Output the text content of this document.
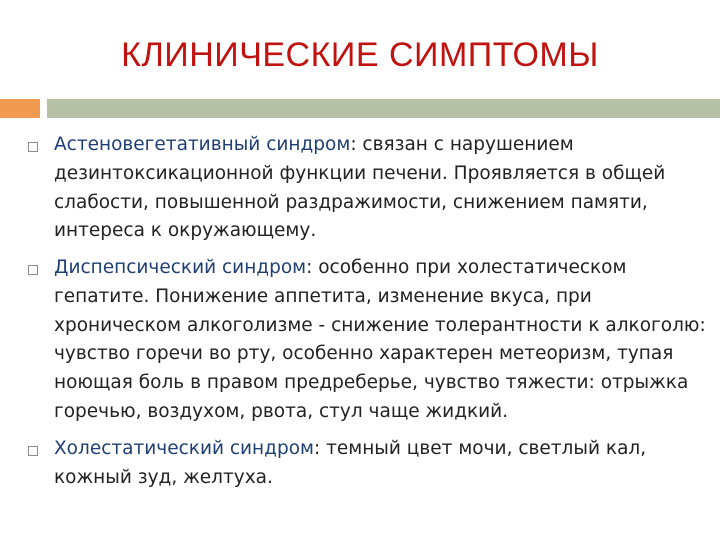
КЛИНИЧЕСКИЕ СИМПТОМЫ
Астеновегетативный синдром: связан с нарушением дезинтоксикационной функции печени. Проявляется в общей слабости, повышенной раздражимости, снижением памяти, интереса к окружающему.
Диспепсический синдром: особенно при холестатическом гепатите. Понижение аппетита, изменение вкуса, при хроническом алкоголизме - снижение толерантности к алкоголю: чувство горечи во рту, особенно характерен метеоризм, тупая ноющая боль в правом предреберье, чувство тяжести: отрыжка горечью, воздухом, рвота, стул чаще жидкий.
Холестатический синдром: темный цвет мочи, светлый кал, кожный зуд, желтуха.
